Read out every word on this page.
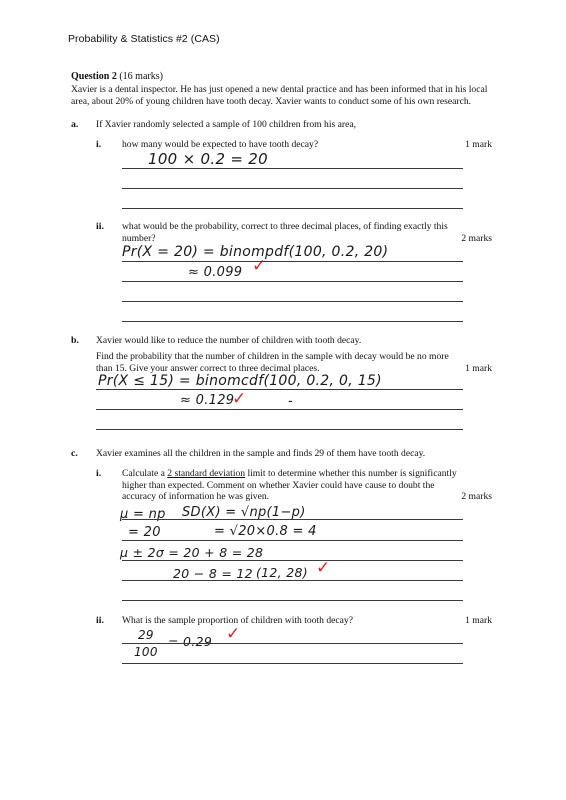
Probability & Statistics #2 (CAS)
Question 2 (16 marks)
Xavier is a dental inspector. He has just opened a new dental practice and has been informed that in his local area, about 20% of young children have tooth decay. Xavier wants to conduct some of his own research.
a. If Xavier randomly selected a sample of 100 children from his area,
i. how many would be expected to have tooth decay?	1 mark
100 × 0.2 = 20
ii. what would be the probability, correct to three decimal places, of finding exactly this number?	2 marks
Pr(X = 20) = binompdf(100, 0.2, 20)
≈ 0.099 ✓
b. Xavier would like to reduce the number of children with tooth decay.
Find the probability that the number of children in the sample with decay would be no more than 15. Give your answer correct to three decimal places.	1 mark
Pr(X ≤ 15) = binomcdf(100, 0.2, 0, 15)
≈ 0.129	-
✓
c. Xavier examines all the children in the sample and finds 29 of them have tooth decay.
i. Calculate a 2 standard deviation limit to determine whether this number is significantly higher than expected. Comment on whether Xavier could have cause to doubt the accuracy of information he was given.	2 marks
μ = np SD(X) = √np(1−p)
= 20	= √20×0.8 = 4
μ ± 2σ = 20 + 8 = 28
20 − 8 = 12 (12, 28) ✓
ii. What is the sample proportion of children with tooth decay?	1 mark
29
100
= 0.29 ✓
